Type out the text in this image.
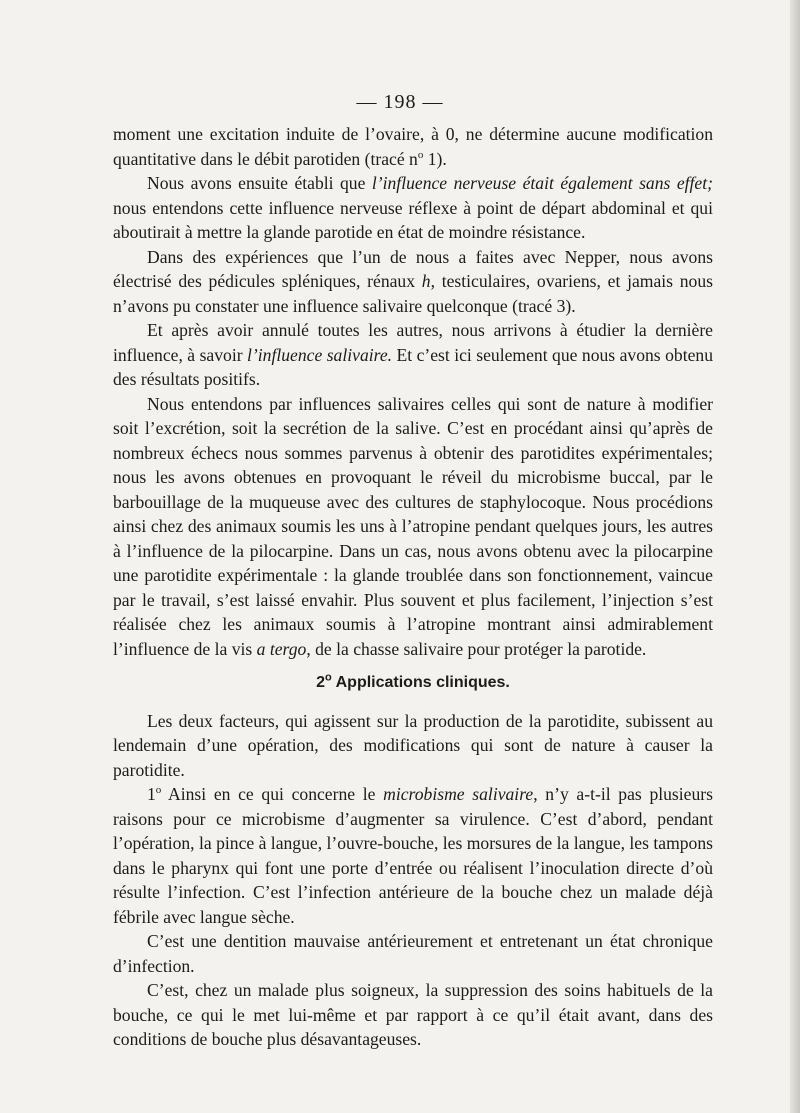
— 198 —

moment une excitation induite de l’ovaire, à 0, ne détermine aucune modification quantitative dans le débit parotiden (tracé $n^o$ 1).

Nous avons ensuite établi que l’influence nerveuse était également sans effet; nous entendons cette influence nerveuse réflexe à point de départ abdominal et qui aboutirait à mettre la glande parotide en état de moindre résistance.

Dans des expériences que l’un de nous a faites avec Nepper, nous avons électrisé des pédicules spléniques, rénaux h, testiculaires, ovariens, et jamais nous n’avons pu constater une influence salivaire quelconque (tracé 3).

Et après avoir annulé toutes les autres, nous arrivons à étudier la dernière influence, à savoir l’influence salivaire. Et c’est ici seulement que nous avons obtenu des résultats positifs.

Nous entendons par influences salivaires celles qui sont de nature à modifier soit l’excrétion, soit la secrétion de la salive. C’est en procédant ainsi qu’après de nombreux échecs nous sommes parvenus à obtenir des parotidites expérimentales; nous les avons obtenues en provoquant le réveil du microbisme buccal, par le barbouillage de la muqueuse avec des cultures de staphylocoque. Nous procédions ainsi chez des animaux soumis les uns à l’atropine pendant quelques jours, les autres à l’influence de la pilocarpine. Dans un cas, nous avons obtenu avec la pilocarpine une parotidite expérimentale : la glande troublée dans son fonctionnement, vaincue par le travail, s’est laissé envahir. Plus souvent et plus facilement, l’injection s’est réalisée chez les animaux soumis à l’atropine montrant ainsi admirablement l’influence de la vis a tergo, de la chasse salivaire pour protéger la parotide.

2$^o$ Applications cliniques.

Les deux facteurs, qui agissent sur la production de la parotidite, subissent au lendemain d’une opération, des modifications qui sont de nature à causer la parotidite.

1$^o$ Ainsi en ce qui concerne le microbisme salivaire, n’y a-t-il pas plusieurs raisons pour ce microbisme d’augmenter sa virulence. C’est d’abord, pendant l’opération, la pince à langue, l’ouvre-bouche, les morsures de la langue, les tampons dans le pharynx qui font une porte d’entrée ou réalisent l’inoculation directe d’où résulte l’infection. C’est l’infection antérieure de la bouche chez un malade déjà fébrile avec langue sèche.

C’est une dentition mauvaise antérieurement et entretenant un état chronique d’infection.

C’est, chez un malade plus soigneux, la suppression des soins habituels de la bouche, ce qui le met lui-même et par rapport à ce qu’il était avant, dans des conditions de bouche plus désavantageuses.
